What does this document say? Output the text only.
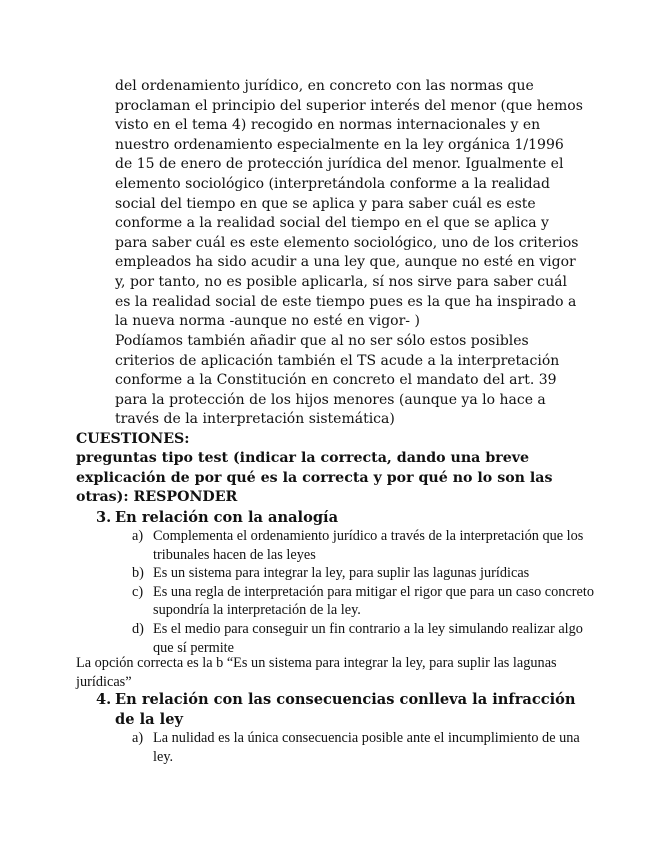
del ordenamiento jurídico, en concreto con las normas que proclaman el principio del superior interés del menor (que hemos visto en el tema 4) recogido en normas internacionales y en nuestro ordenamiento especialmente en la ley orgánica 1/1996 de 15 de enero de protección jurídica del menor. Igualmente el elemento sociológico (interpretándola conforme a la realidad social del tiempo en que se aplica y para saber cuál es este conforme a la realidad social del tiempo en el que se aplica y para saber cuál es este elemento sociológico, uno de los criterios empleados ha sido acudir a una ley que, aunque no esté en vigor y, por tanto, no es posible aplicarla, sí nos sirve para saber cuál es la realidad social de este tiempo pues es la que ha inspirado a la nueva norma -aunque no esté en vigor- )

Podíamos también añadir que al no ser sólo estos posibles criterios de aplicación también el TS acude a la interpretación conforme a la Constitución en concreto el mandato del art. 39 para la protección de los hijos menores (aunque ya lo hace a través de la interpretación sistemática)

CUESTIONES:

preguntas tipo test (indicar la correcta, dando una breve explicación de por qué es la correcta y por qué no lo son las otras): RESPONDER

3. En relación con la analogía
a) Complementa el ordenamiento jurídico a través de la interpretación que los tribunales hacen de las leyes
b) Es un sistema para integrar la ley, para suplir las lagunas jurídicas
c) Es una regla de interpretación para mitigar el rigor que para un caso concreto supondría la interpretación de la ley.
d) Es el medio para conseguir un fin contrario a la ley simulando realizar algo que sí permite

La opción correcta es la b “Es un sistema para integrar la ley, para suplir las lagunas jurídicas”

4. En relación con las consecuencias conlleva la infracción de la ley
a) La nulidad es la única consecuencia posible ante el incumplimiento de una ley.
